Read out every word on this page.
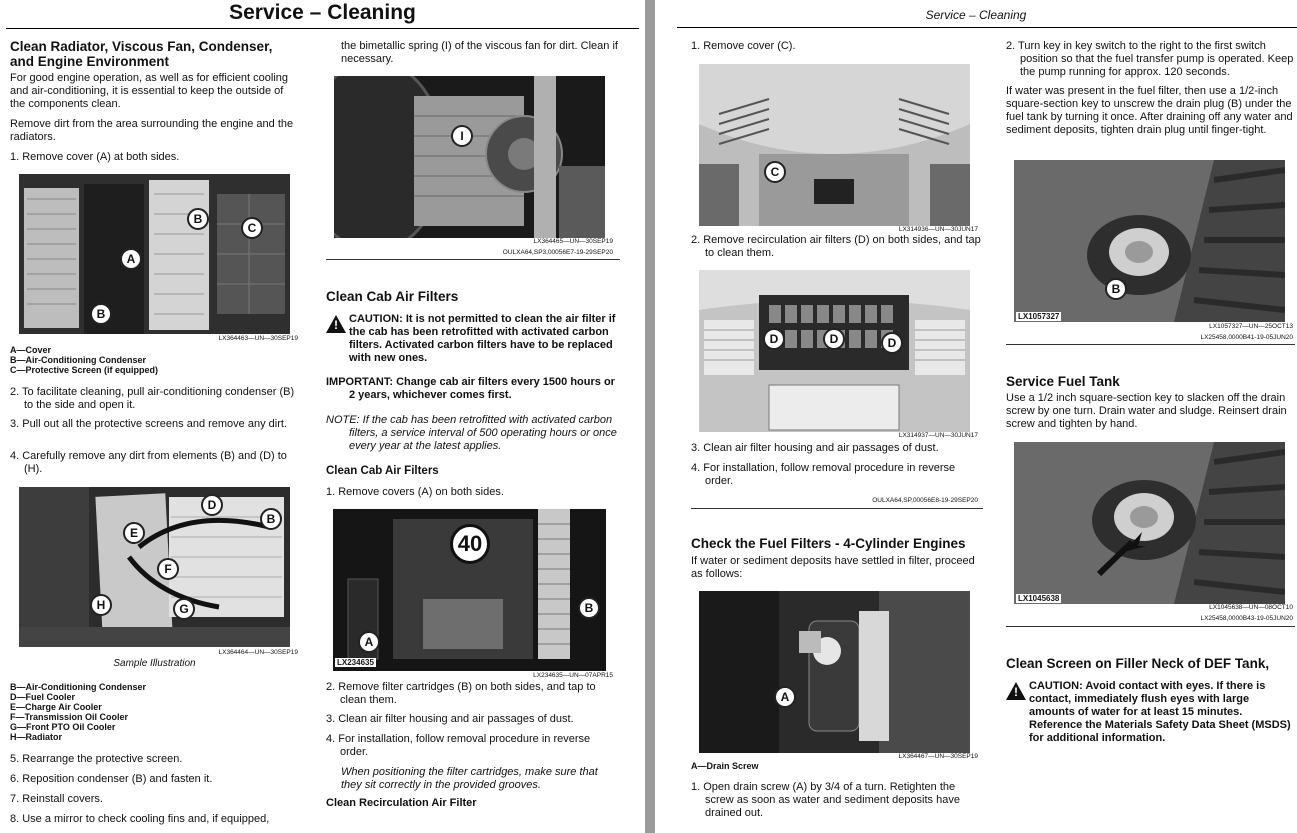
Service – Cleaning
Clean Radiator, Viscous Fan, Condenser, and Engine Environment
For good engine operation, as well as for efficient cooling and air-conditioning, it is essential to keep the outside of the components clean.
Remove dirt from the area surrounding the engine and the radiators.
1. Remove cover (A) at both sides.
A
B
B
C
LX364463—UN—30SEP19
A—Cover
B—Air-Conditioning Condenser
C—Protective Screen (if equipped)
2. To facilitate cleaning, pull air-conditioning condenser (B) to the side and open it.
3. Pull out all the protective screens and remove any dirt.
4. Carefully remove any dirt from elements (B) and (D) to (H).
D
B
E
F
H	G
LX364464—UN—30SEP19
Sample Illustration
B—Air-Conditioning Condenser
D—Fuel Cooler
E—Charge Air Cooler
F—Transmission Oil Cooler
G—Front PTO Oil Cooler
H—Radiator
5. Rearrange the protective screen.
6. Reposition condenser (B) and fasten it.
7. Reinstall covers.
8. Use a mirror to check cooling fins and, if equipped,
the bimetallic spring (I) of the viscous fan for dirt. Clean if necessary.
I
LX364465—UN—30SEP19
OULXA64,SP3,00056E7-19-29SEP20
Clean Cab Air Filters
!
CAUTION: It is not permitted to clean the air filter if the cab has been retrofitted with activated carbon filters. Activated carbon filters have to be replaced with new ones.
IMPORTANT: Change cab air filters every 1500 hours or 2 years, whichever comes first.
NOTE: If the cab has been retrofitted with activated carbon filters, a service interval of 500 operating hours or once every year at the latest applies.
Clean Cab Air Filters
1. Remove covers (A) on both sides.
40
A
B
LX234635
LX234635—UN—07APR15
2. Remove filter cartridges (B) on both sides, and tap to clean them.
3. Clean air filter housing and air passages of dust.
4. For installation, follow removal procedure in reverse order.
When positioning the filter cartridges, make sure that they sit correctly in the provided grooves.
Clean Recirculation Air Filter
Service – Cleaning
1. Remove cover (C).
C
LX314936—UN—30JUN17
2. Remove recirculation air filters (D) on both sides, and tap to clean them.
D	D	D
LX314937—UN—30JUN17
3. Clean air filter housing and air passages of dust.
4. For installation, follow removal procedure in reverse order.
OULXA64,SP,00056E8-19-29SEP20
Check the Fuel Filters - 4-Cylinder Engines
If water or sediment deposits have settled in filter, proceed as follows:
A
LX364467—UN—30SEP19
A—Drain Screw
1. Open drain screw (A) by 3/4 of a turn. Retighten the screw as soon as water and sediment deposits have drained out.
2. Turn key in key switch to the right to the first switch position so that the fuel transfer pump is operated. Keep the pump running for approx. 120 seconds.
If water was present in the fuel filter, then use a 1/2-inch square-section key to unscrew the drain plug (B) under the fuel tank by turning it once. After draining off any water and sediment deposits, tighten drain plug until finger-tight.
B
LX1057327
LX1057327—UN—25OCT13
LX25458,0000B41-19-05JUN20
Service Fuel Tank
Use a 1/2 inch square-section key to slacken off the drain screw by one turn. Drain water and sludge. Reinsert drain screw and tighten by hand.
LX1045638
LX1045638—UN—08OCT10
LX25458,0000B43-19-05JUN20
Clean Screen on Filler Neck of DEF Tank,
!
CAUTION: Avoid contact with eyes. If there is contact, immediately flush eyes with large amounts of water for at least 15 minutes. Reference the Materials Safety Data Sheet (MSDS) for additional information.
